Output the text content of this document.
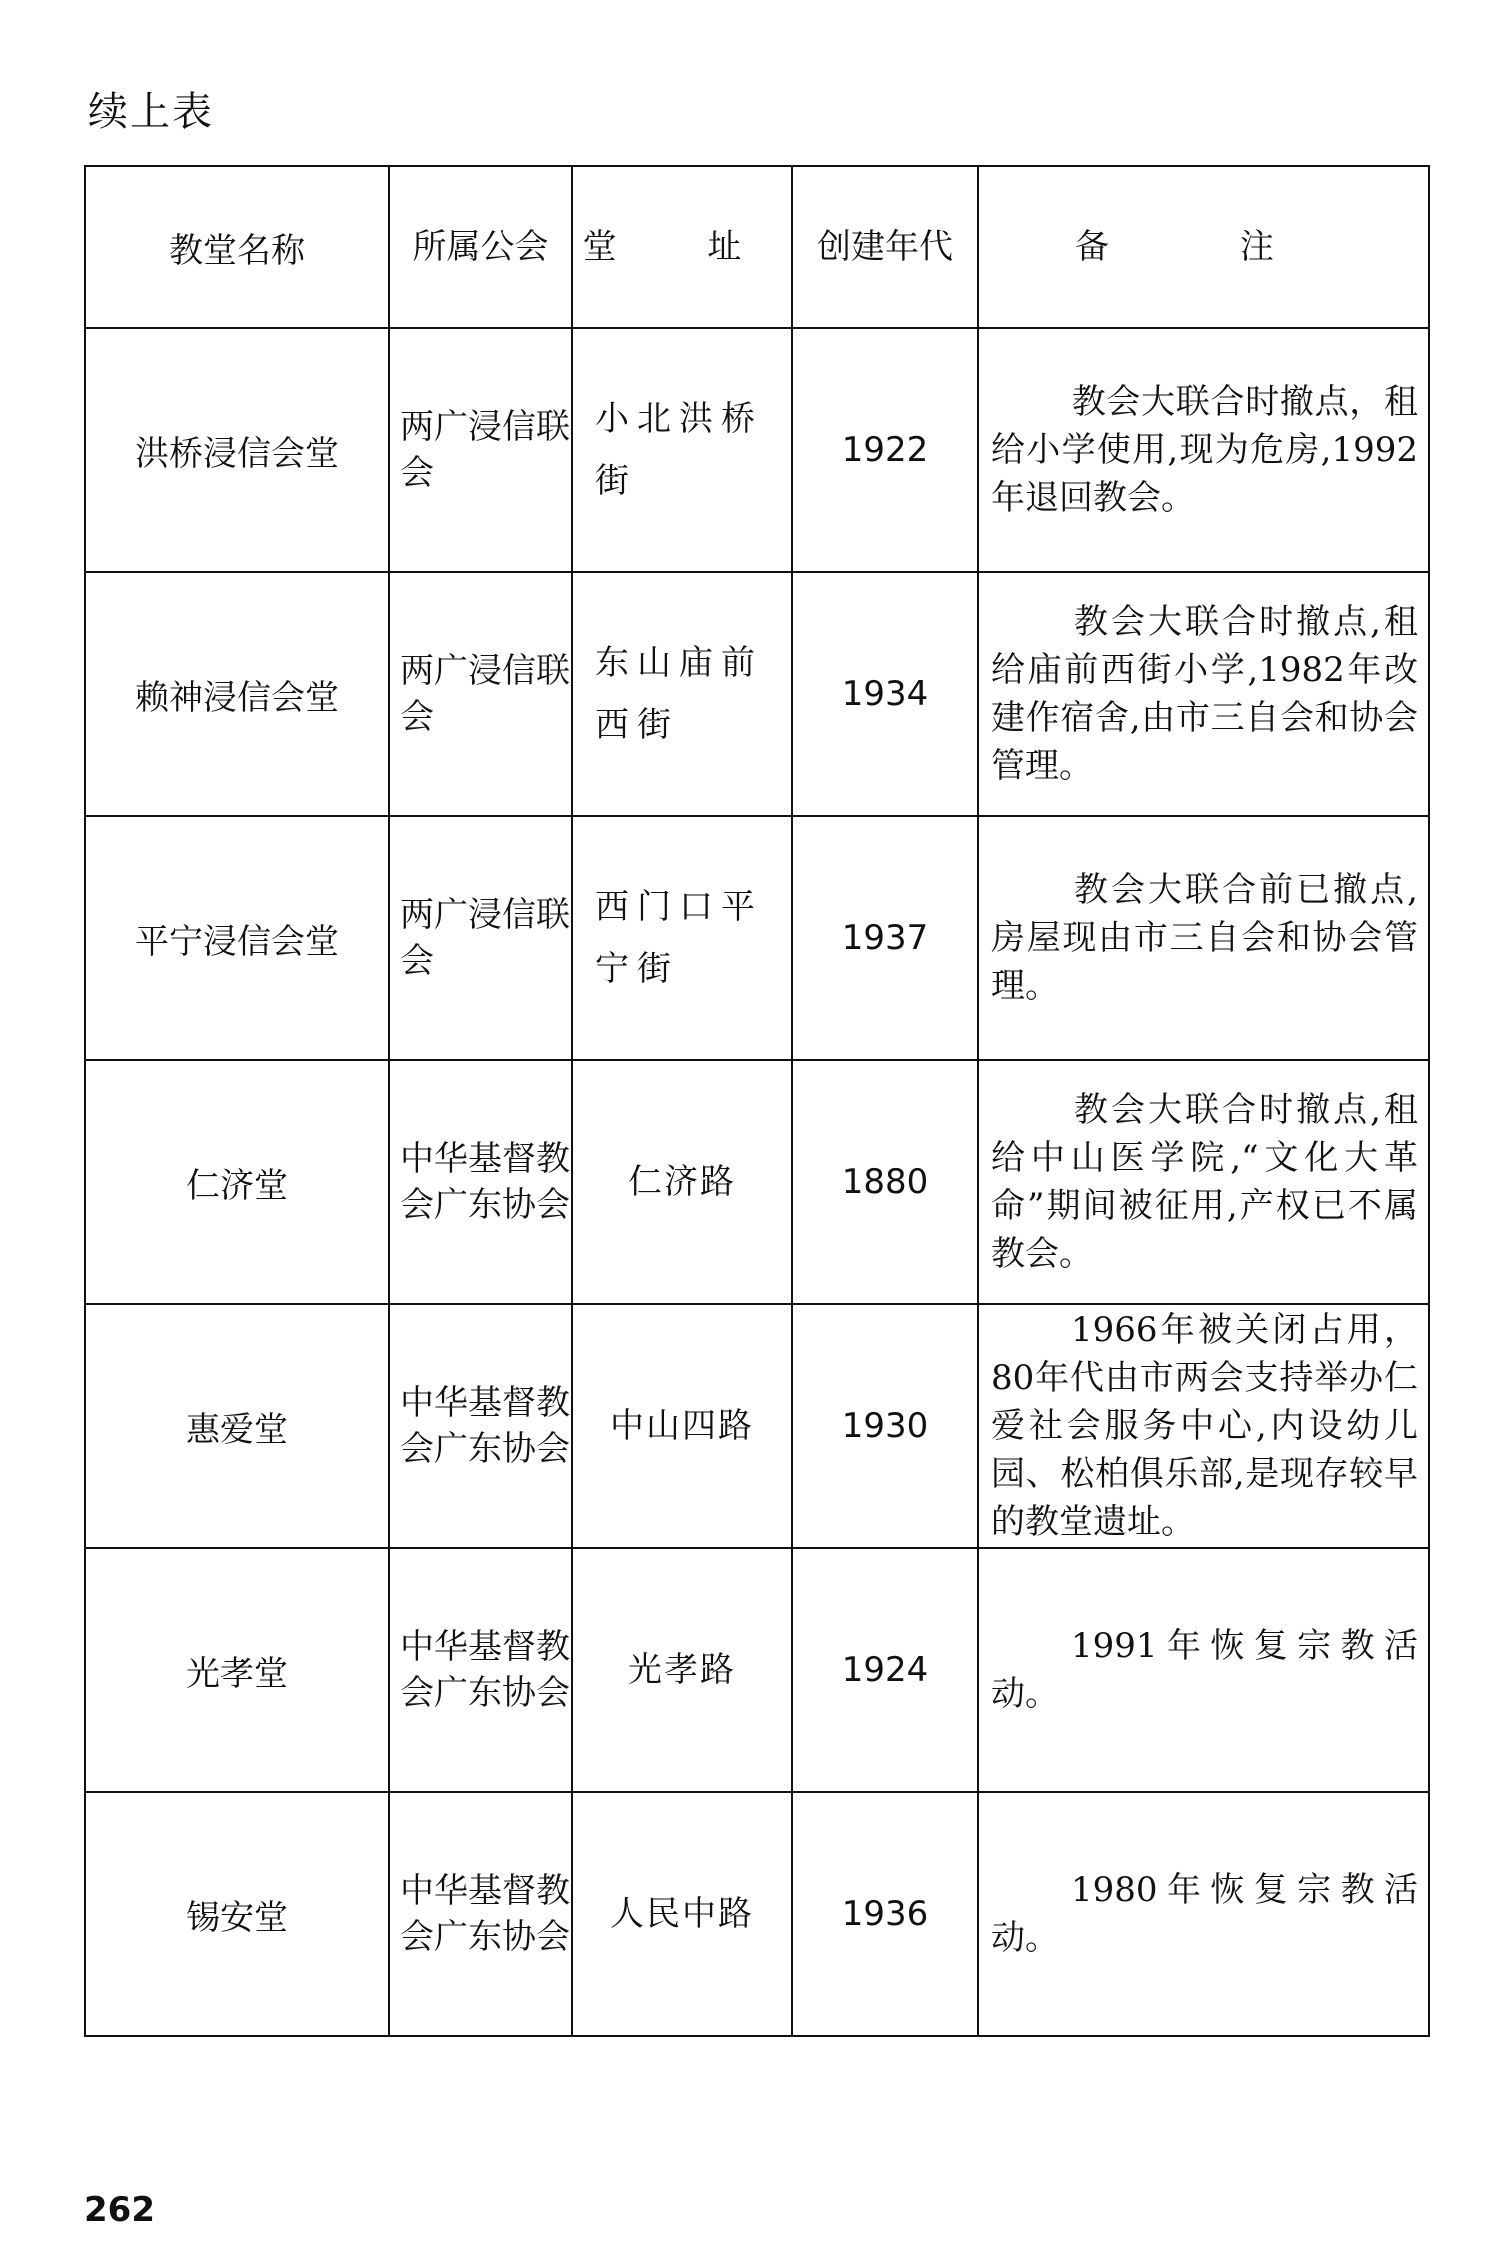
续上表
教堂名称	所属公会	堂 址	创建年代	备 注
洪桥浸信会堂	两广浸信联会	小北洪桥街	1922	教会大联合时撤点，租给小学使用,现为危房,1992年退回教会。
赖神浸信会堂	两广浸信联会	东山庙前西街	1934	教会大联合时撤点,租给庙前西街小学,1982年改建作宿舍,由市三自会和协会管理。
平宁浸信会堂	两广浸信联会	西门口平宁街	1937	教会大联合前已撤点,房屋现由市三自会和协会管理。
仁济堂	中华基督教会广东协会	仁济路	1880	教会大联合时撤点,租给中山医学院,“文化大革命”期间被征用,产权已不属教会。
惠爱堂	中华基督教会广东协会	中山四路	1930	1966年被关闭占用，80年代由市两会支持举办仁爱社会服务中心,内设幼儿园、松柏俱乐部,是现存较早的教堂遗址。
光孝堂	中华基督教会广东协会	光孝路	1924	1991年恢复宗教活动。
锡安堂	中华基督教会广东协会	人民中路	1936	1980年恢复宗教活动。
262
